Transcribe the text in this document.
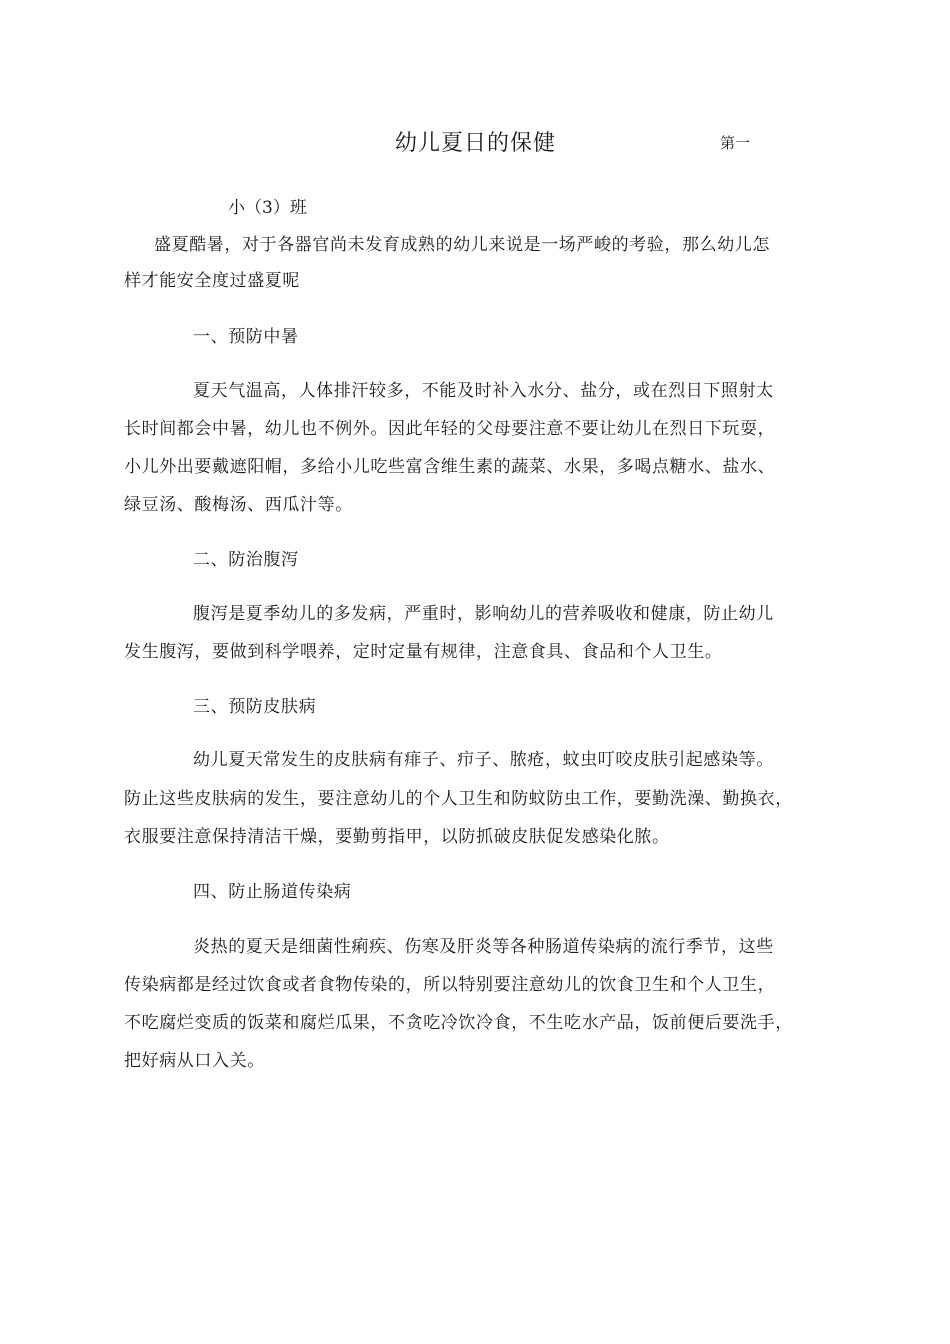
幼儿夏日的保健	第一
小（3）班
盛夏酷暑，对于各器官尚未发育成熟的幼儿来说是一场严峻的考验，那么幼儿怎
样才能安全度过盛夏呢
一、预防中暑
夏天气温高，人体排汗较多，不能及时补入水分、盐分，或在烈日下照射太
长时间都会中暑，幼儿也不例外。因此年轻的父母要注意不要让幼儿在烈日下玩耍，
小儿外出要戴遮阳帽，多给小儿吃些富含维生素的蔬菜、水果，多喝点糖水、盐水、
绿豆汤、酸梅汤、西瓜汁等。
二、防治腹泻
腹泻是夏季幼儿的多发病，严重时，影响幼儿的营养吸收和健康，防止幼儿
发生腹泻，要做到科学喂养，定时定量有规律，注意食具、食品和个人卫生。
三、预防皮肤病
幼儿夏天常发生的皮肤病有痱子、疖子、脓疮，蚊虫叮咬皮肤引起感染等。
防止这些皮肤病的发生，要注意幼儿的个人卫生和防蚊防虫工作，要勤洗澡、勤换衣，
衣服要注意保持清洁干燥，要勤剪指甲，以防抓破皮肤促发感染化脓。
四、防止肠道传染病
炎热的夏天是细菌性痢疾、伤寒及肝炎等各种肠道传染病的流行季节，这些
传染病都是经过饮食或者食物传染的，所以特别要注意幼儿的饮食卫生和个人卫生，
不吃腐烂变质的饭菜和腐烂瓜果，不贪吃冷饮冷食，不生吃水产品，饭前便后要洗手，
把好病从口入关。
